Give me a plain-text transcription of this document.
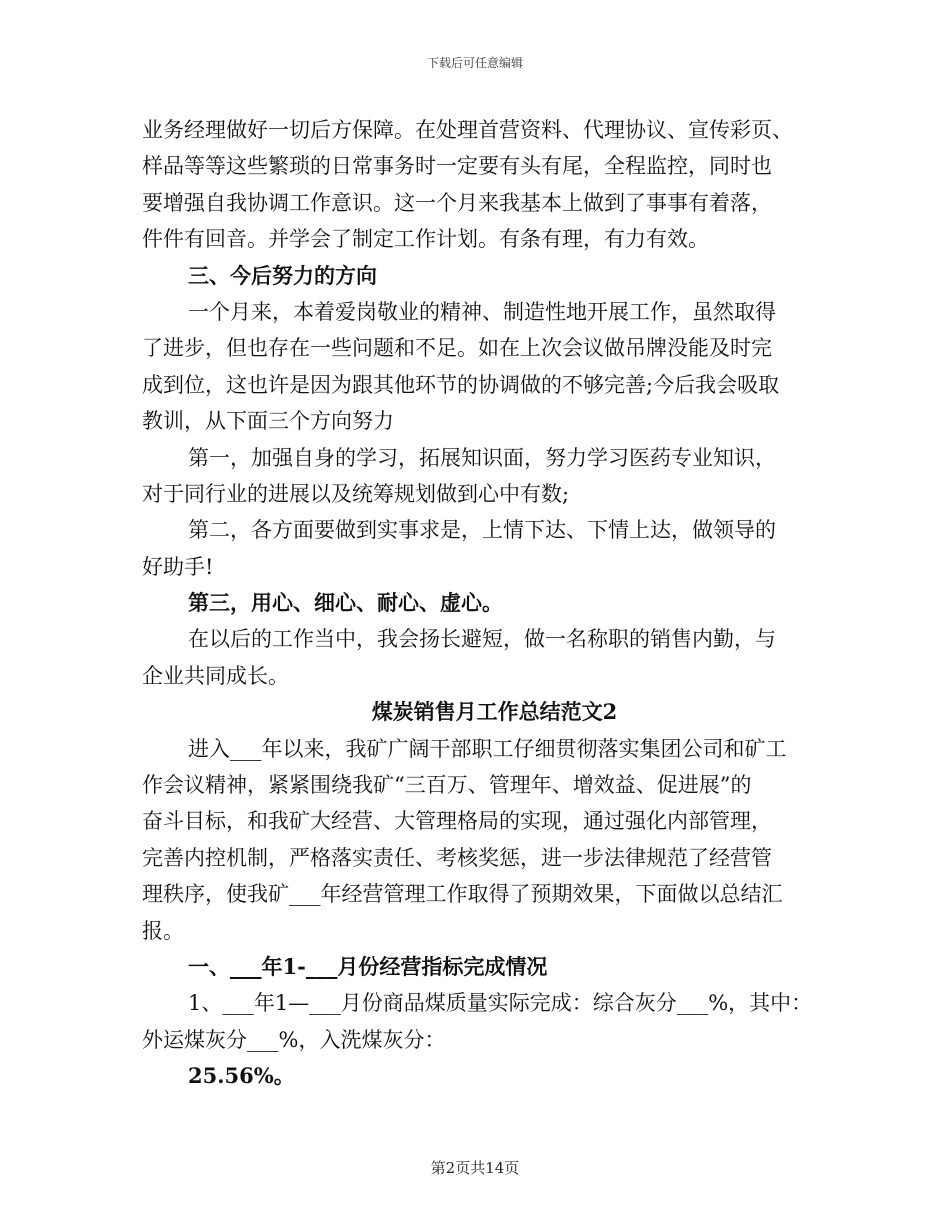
下载后可任意编辑
业务经理做好一切后方保障。在处理首营资料、代理协议、宣传彩页、
样品等等这些繁琐的日常事务时一定要有头有尾，全程监控，同时也
要增强自我协调工作意识。这一个月来我基本上做到了事事有着落，
件件有回音。并学会了制定工作计划。有条有理，有力有效。
三、今后努力的方向
一个月来，本着爱岗敬业的精神、制造性地开展工作，虽然取得
了进步，但也存在一些问题和不足。如在上次会议做吊牌没能及时完
成到位，这也许是因为跟其他环节的协调做的不够完善;今后我会吸取
教训，从下面三个方向努力
第一，加强自身的学习，拓展知识面，努力学习医药专业知识，
对于同行业的进展以及统筹规划做到心中有数;
第二，各方面要做到实事求是，上情下达、下情上达，做领导的
好助手!
第三，用心、细心、耐心、虚心。
在以后的工作当中，我会扬长避短，做一名称职的销售内勤，与
企业共同成长。
煤炭销售月工作总结范文2
进入___年以来，我矿广阔干部职工仔细贯彻落实集团公司和矿工
作会议精神，紧紧围绕我矿“三百万、管理年、增效益、促进展”的
奋斗目标，和我矿大经营、大管理格局的实现，通过强化内部管理，
完善内控机制，严格落实责任、考核奖惩，进一步法律规范了经营管
理秩序，使我矿___年经营管理工作取得了预期效果，下面做以总结汇
报。
一、___年1-___月份经营指标完成情况
1、___年1—___月份商品煤质量实际完成：综合灰分___%，其中：
外运煤灰分___%，入洗煤灰分：
25.56%。
第2页共14页
